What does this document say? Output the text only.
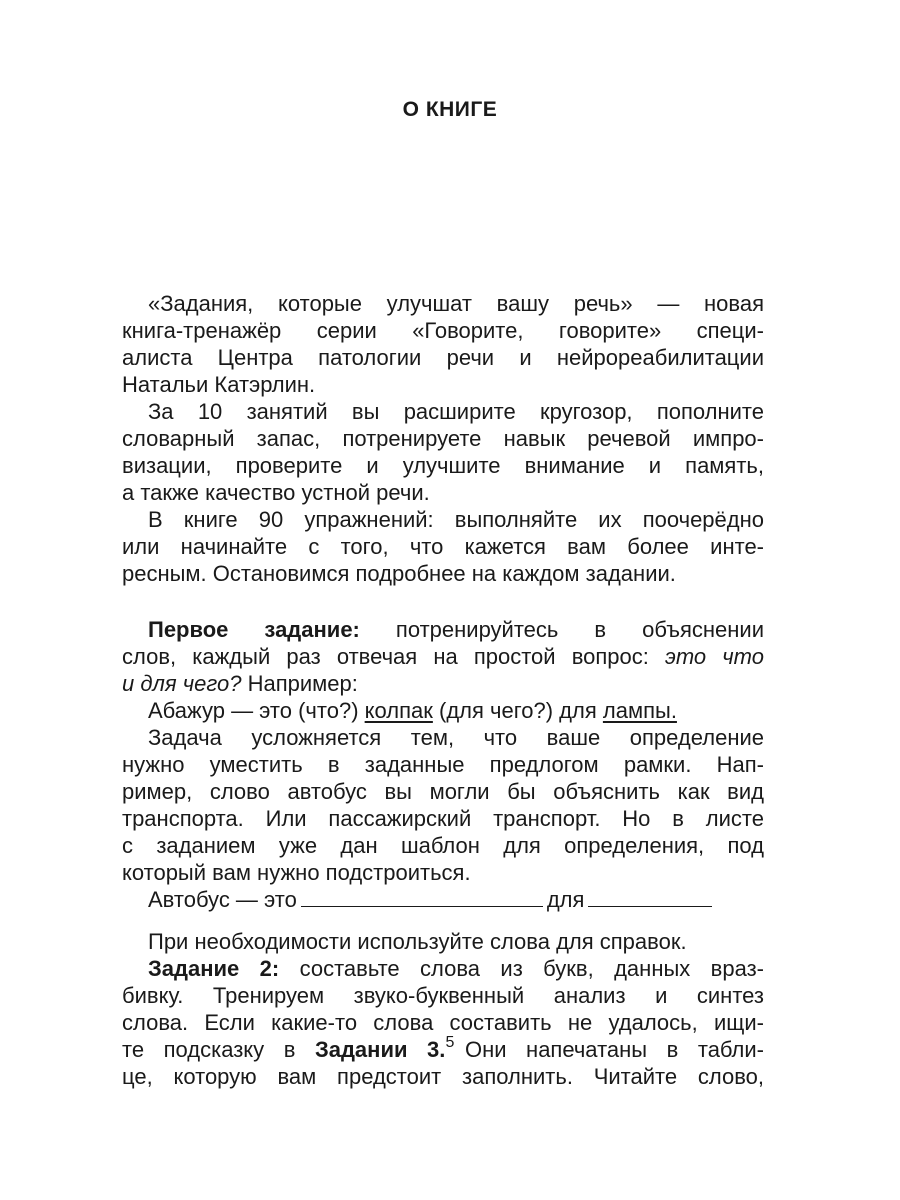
О КНИГЕ
«Задания, которые улучшат вашу речь» — новая
книга-тренажёр серии «Говорите, говорите» специ-
алиста Центра патологии речи и нейрореабилитации
Натальи Катэрлин.
За 10 занятий вы расширите кругозор, пополните
словарный запас, потренируете навык речевой импро-
визации, проверите и улучшите внимание и память,
а также качество устной речи.
В книге 90 упражнений: выполняйте их поочерёдно
или начинайте с того, что кажется вам более инте-
ресным. Остановимся подробнее на каждом задании.
Первое задание: потренируйтесь в объяснении
слов, каждый раз отвечая на простой вопрос: это что
и для чего? Например:
Абажур — это (что?) колпак (для чего?) для лампы.
Задача усложняется тем, что ваше определение
нужно уместить в заданные предлогом рамки. Нап-
ример, слово автобус вы могли бы объяснить как вид
транспорта. Или пассажирский транспорт. Но в листе
с заданием уже дан шаблон для определения, под
который вам нужно подстроиться.
Автобус — это	для
При необходимости используйте слова для справок.
Задание 2: составьте слова из букв, данных враз-
бивку. Тренируем звуко-буквенный анализ и синтез
слова. Если какие-то слова составить не удалось, ищи-
те подсказку в Задании 3. Они напечатаны в табли-
це, которую вам предстоит заполнить. Читайте слово,
5
